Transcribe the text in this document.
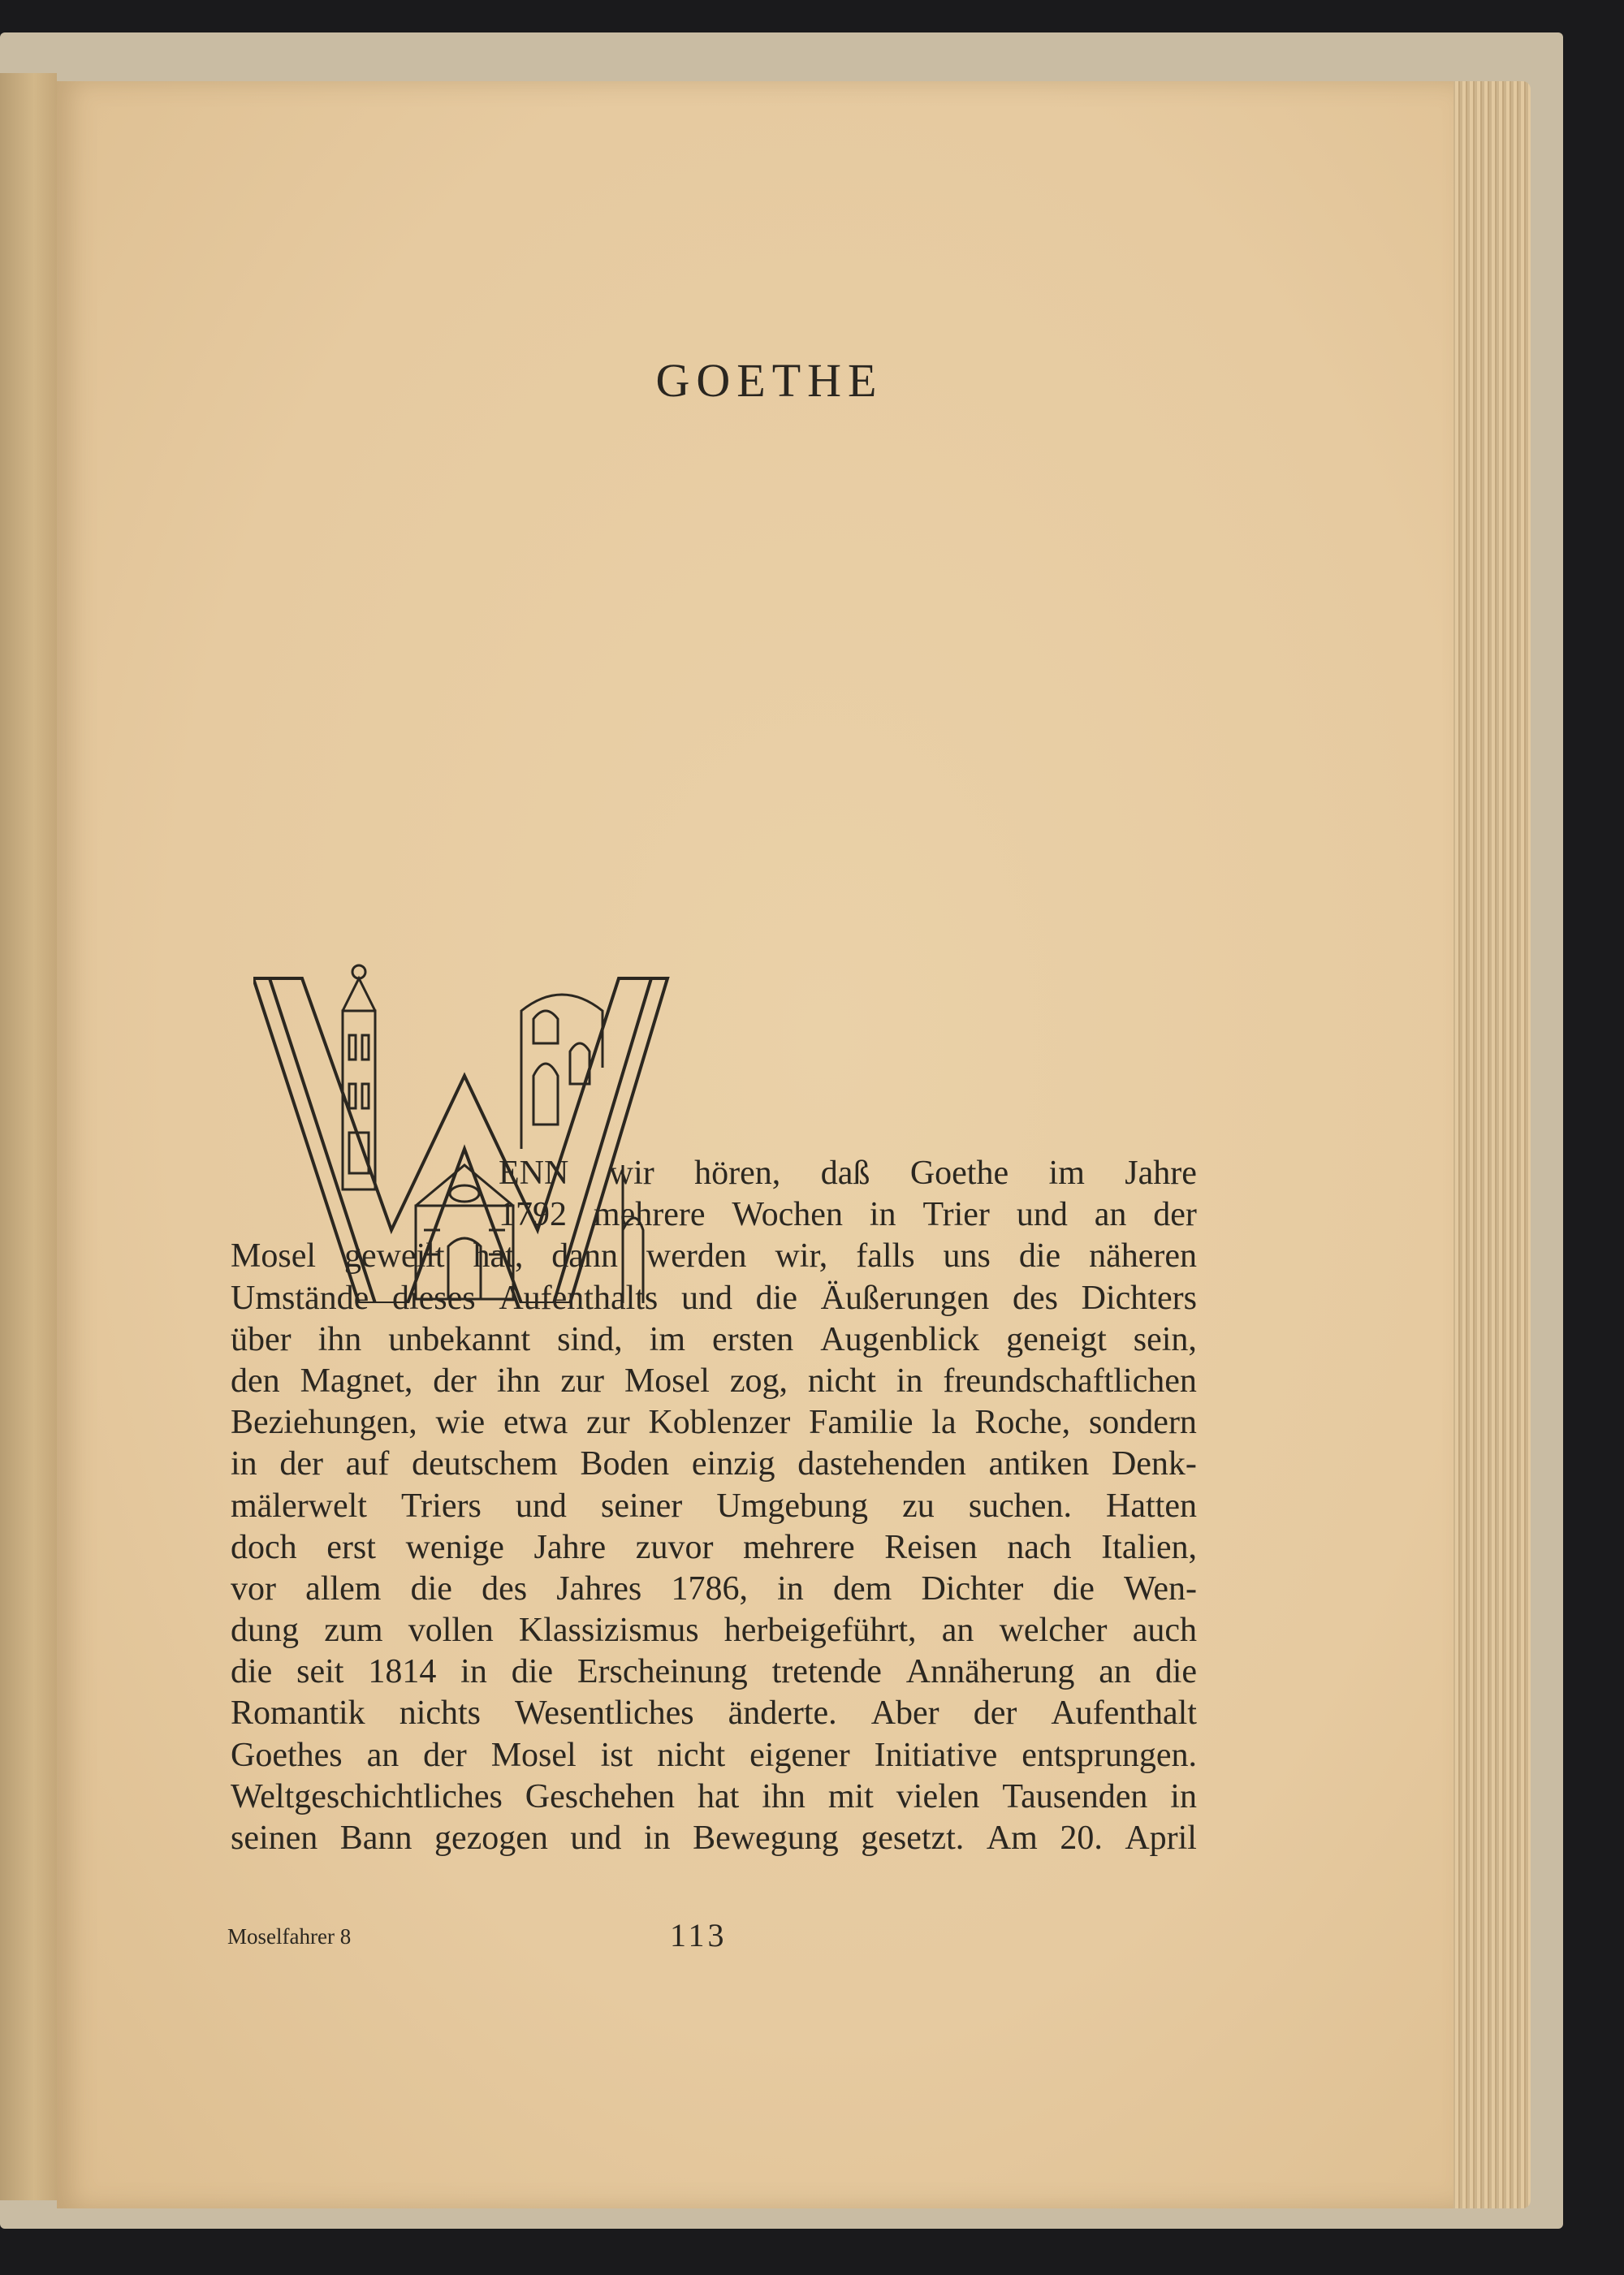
GOETHE
ENN wir hören, daß Goethe im Jahre
1792 mehrere Wochen in Trier und an der
Mosel geweilt hat, dann werden wir, falls uns die näheren
Umstände dieses Aufenthalts und die Äußerungen des Dichters
über ihn unbekannt sind, im ersten Augenblick geneigt sein,
den Magnet, der ihn zur Mosel zog, nicht in freundschaftlichen
Beziehungen, wie etwa zur Koblenzer Familie la Roche, sondern
in der auf deutschem Boden einzig dastehenden antiken Denk-
mälerwelt Triers und seiner Umgebung zu suchen. Hatten
doch erst wenige Jahre zuvor mehrere Reisen nach Italien,
vor allem die des Jahres 1786, in dem Dichter die Wen-
dung zum vollen Klassizismus herbeigeführt, an welcher auch
die seit 1814 in die Erscheinung tretende Annäherung an die
Romantik nichts Wesentliches änderte. Aber der Aufenthalt
Goethes an der Mosel ist nicht eigener Initiative entsprungen.
Weltgeschichtliches Geschehen hat ihn mit vielen Tausenden in
seinen Bann gezogen und in Bewegung gesetzt. Am 20. April
Moselfahrer 8	113
